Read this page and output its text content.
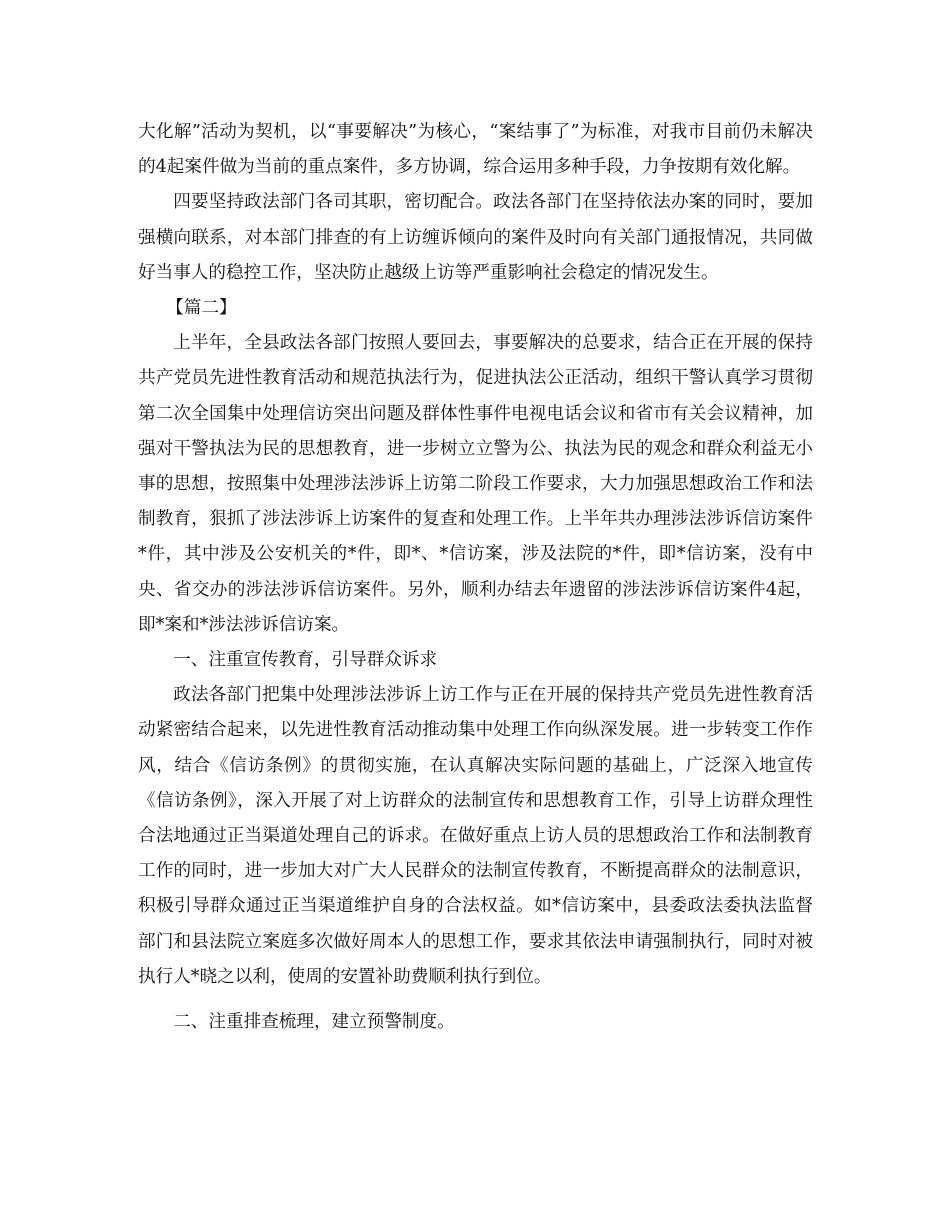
大化解”活动为契机，以“事要解决”为核心，“案结事了”为标准，对我市目前仍未解决的4起案件做为当前的重点案件，多方协调，综合运用多种手段，力争按期有效化解。

四要坚持政法部门各司其职，密切配合。政法各部门在坚持依法办案的同时，要加强横向联系，对本部门排查的有上访缠诉倾向的案件及时向有关部门通报情况，共同做好当事人的稳控工作，坚决防止越级上访等严重影响社会稳定的情况发生。

【篇二】

上半年，全县政法各部门按照人要回去，事要解决的总要求，结合正在开展的保持共产党员先进性教育活动和规范执法行为，促进执法公正活动，组织干警认真学习贯彻第二次全国集中处理信访突出问题及群体性事件电视电话会议和省市有关会议精神，加强对干警执法为民的思想教育，进一步树立立警为公、执法为民的观念和群众利益无小事的思想，按照集中处理涉法涉诉上访第二阶段工作要求，大力加强思想政治工作和法制教育，狠抓了涉法涉诉上访案件的复查和处理工作。上半年共办理涉法涉诉信访案件*件，其中涉及公安机关的*件，即*、*信访案，涉及法院的*件，即*信访案，没有中央、省交办的涉法涉诉信访案件。另外，顺利办结去年遗留的涉法涉诉信访案件4起，即*案和*涉法涉诉信访案。

一、注重宣传教育，引导群众诉求

政法各部门把集中处理涉法涉诉上访工作与正在开展的保持共产党员先进性教育活动紧密结合起来，以先进性教育活动推动集中处理工作向纵深发展。进一步转变工作作风，结合《信访条例》的贯彻实施，在认真解决实际问题的基础上，广泛深入地宣传《信访条例》，深入开展了对上访群众的法制宣传和思想教育工作，引导上访群众理性合法地通过正当渠道处理自己的诉求。在做好重点上访人员的思想政治工作和法制教育工作的同时，进一步加大对广大人民群众的法制宣传教育，不断提高群众的法制意识，积极引导群众通过正当渠道维护自身的合法权益。如*信访案中，县委政法委执法监督部门和县法院立案庭多次做好周本人的思想工作，要求其依法申请强制执行，同时对被执行人*晓之以利，使周的安置补助费顺利执行到位。

二、注重排查梳理，建立预警制度。
